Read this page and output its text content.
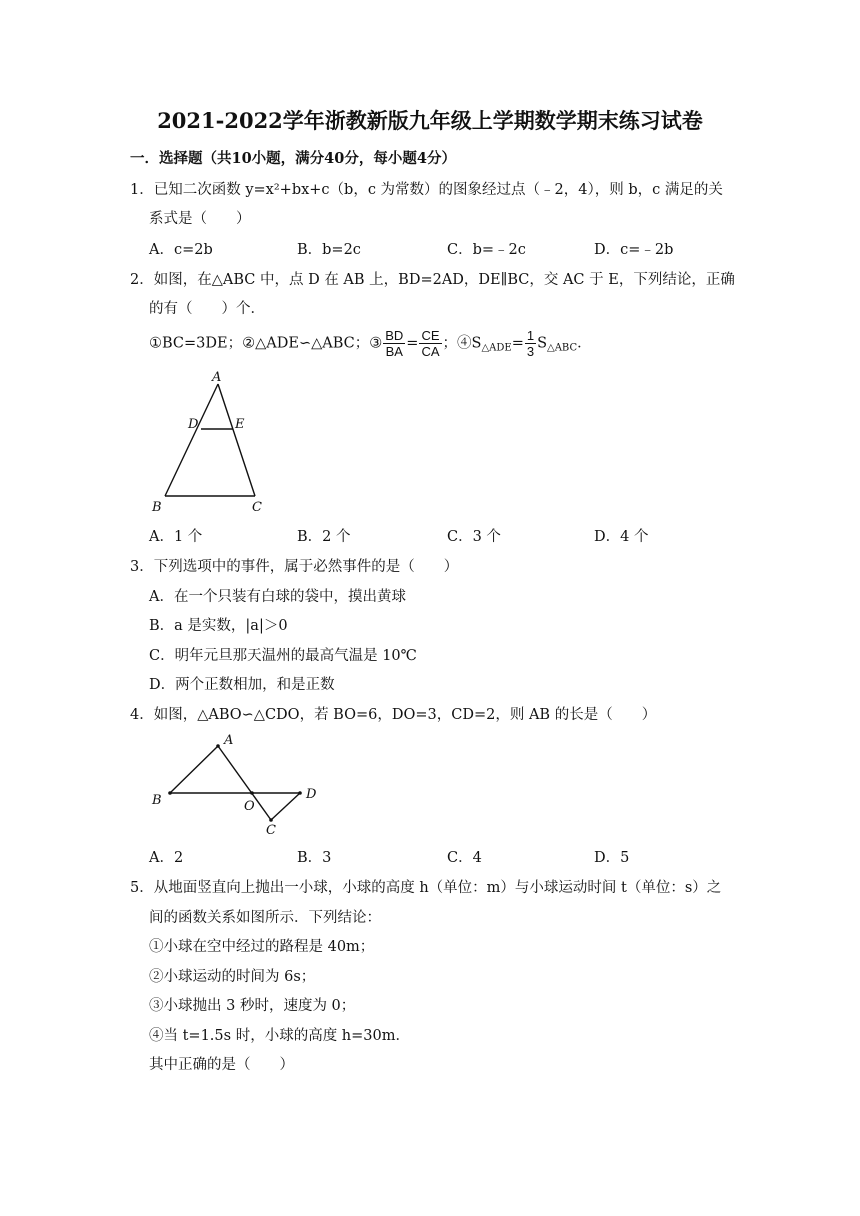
2021-2022学年浙教新版九年级上学期数学期末练习试卷
一．选择题（共10小题，满分40分，每小题4分）
1．已知二次函数 y=x²+bx+c（b，c 为常数）的图象经过点（﹣2，4），则 b，c 满足的关
系式是（　　）
A．c=2b	B．b=2c	C．b=﹣2c	D．c=﹣2b
2．如图，在△ABC 中，点 D 在 AB 上，BD=2AD，DE∥BC，交 AC 于 E，下列结论，正确
的有（　　）个．
①BC=3DE；②△ADE∽△ABC；③ $\frac{BD}{BA} = \frac{CE}{CA}$ ；$④S_{\triangle ADE}= \frac{1}{3} S_{\triangle ABC}$．
A
D	E
B	C
A．1 个	B．2 个	C．3 个	D．4 个
3．下列选项中的事件，属于必然事件的是（　　）
A．在一个只装有白球的袋中，摸出黄球
B．a 是实数，|a|＞0
C．明年元旦那天温州的最高气温是 10℃
D．两个正数相加，和是正数
4．如图，△ABO∽△CDO，若 BO=6，DO=3，CD=2，则 AB 的长是（　　）
A
B	O
D
C
A．2	B．3	C．4	D．5
5．从地面竖直向上抛出一小球，小球的高度 h（单位：m）与小球运动时间 t（单位：s）之
间的函数关系如图所示．下列结论：
①小球在空中经过的路程是 40m；
②小球运动的时间为 6s；
③小球抛出 3 秒时，速度为 0；
④当 t=1.5s 时，小球的高度 h=30m．
其中正确的是（　　）
